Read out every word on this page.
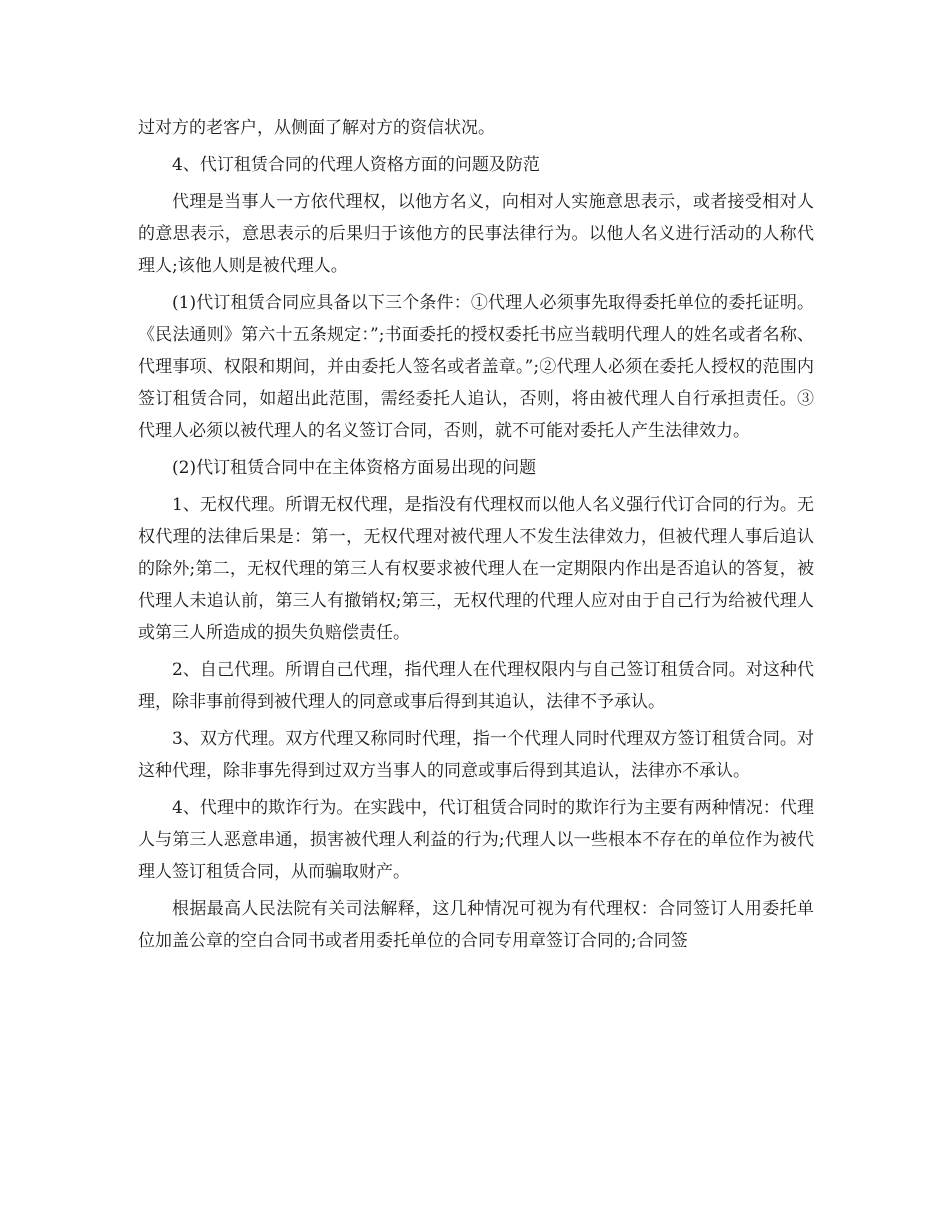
过对方的老客户，从侧面了解对方的资信状况。

4、代订租赁合同的代理人资格方面的问题及防范

代理是当事人一方依代理权，以他方名义，向相对人实施意思表示，或者接受相对人的意思表示，意思表示的后果归于该他方的民事法律行为。以他人名义进行活动的人称代理人;该他人则是被代理人。

(1)代订租赁合同应具备以下三个条件：①代理人必须事先取得委托单位的委托证明。《民法通则》第六十五条规定：”;书面委托的授权委托书应当载明代理人的姓名或者名称、代理事项、权限和期间，并由委托人签名或者盖章。”;②代理人必须在委托人授权的范围内签订租赁合同，如超出此范围，需经委托人追认，否则，将由被代理人自行承担责任。③代理人必须以被代理人的名义签订合同，否则，就不可能对委托人产生法律效力。

(2)代订租赁合同中在主体资格方面易出现的问题

1、无权代理。所谓无权代理，是指没有代理权而以他人名义强行代订合同的行为。无权代理的法律后果是：第一，无权代理对被代理人不发生法律效力，但被代理人事后追认的除外;第二，无权代理的第三人有权要求被代理人在一定期限内作出是否追认的答复，被代理人未追认前，第三人有撤销权;第三，无权代理的代理人应对由于自己行为给被代理人或第三人所造成的损失负赔偿责任。

2、自己代理。所谓自己代理，指代理人在代理权限内与自己签订租赁合同。对这种代理，除非事前得到被代理人的同意或事后得到其追认，法律不予承认。

3、双方代理。双方代理又称同时代理，指一个代理人同时代理双方签订租赁合同。对这种代理，除非事先得到过双方当事人的同意或事后得到其追认，法律亦不承认。

4、代理中的欺诈行为。在实践中，代订租赁合同时的欺诈行为主要有两种情况：代理人与第三人恶意串通，损害被代理人利益的行为;代理人以一些根本不存在的单位作为被代理人签订租赁合同，从而骗取财产。

根据最高人民法院有关司法解释，这几种情况可视为有代理权：合同签订人用委托单位加盖公章的空白合同书或者用委托单位的合同专用章签订合同的;合同签
